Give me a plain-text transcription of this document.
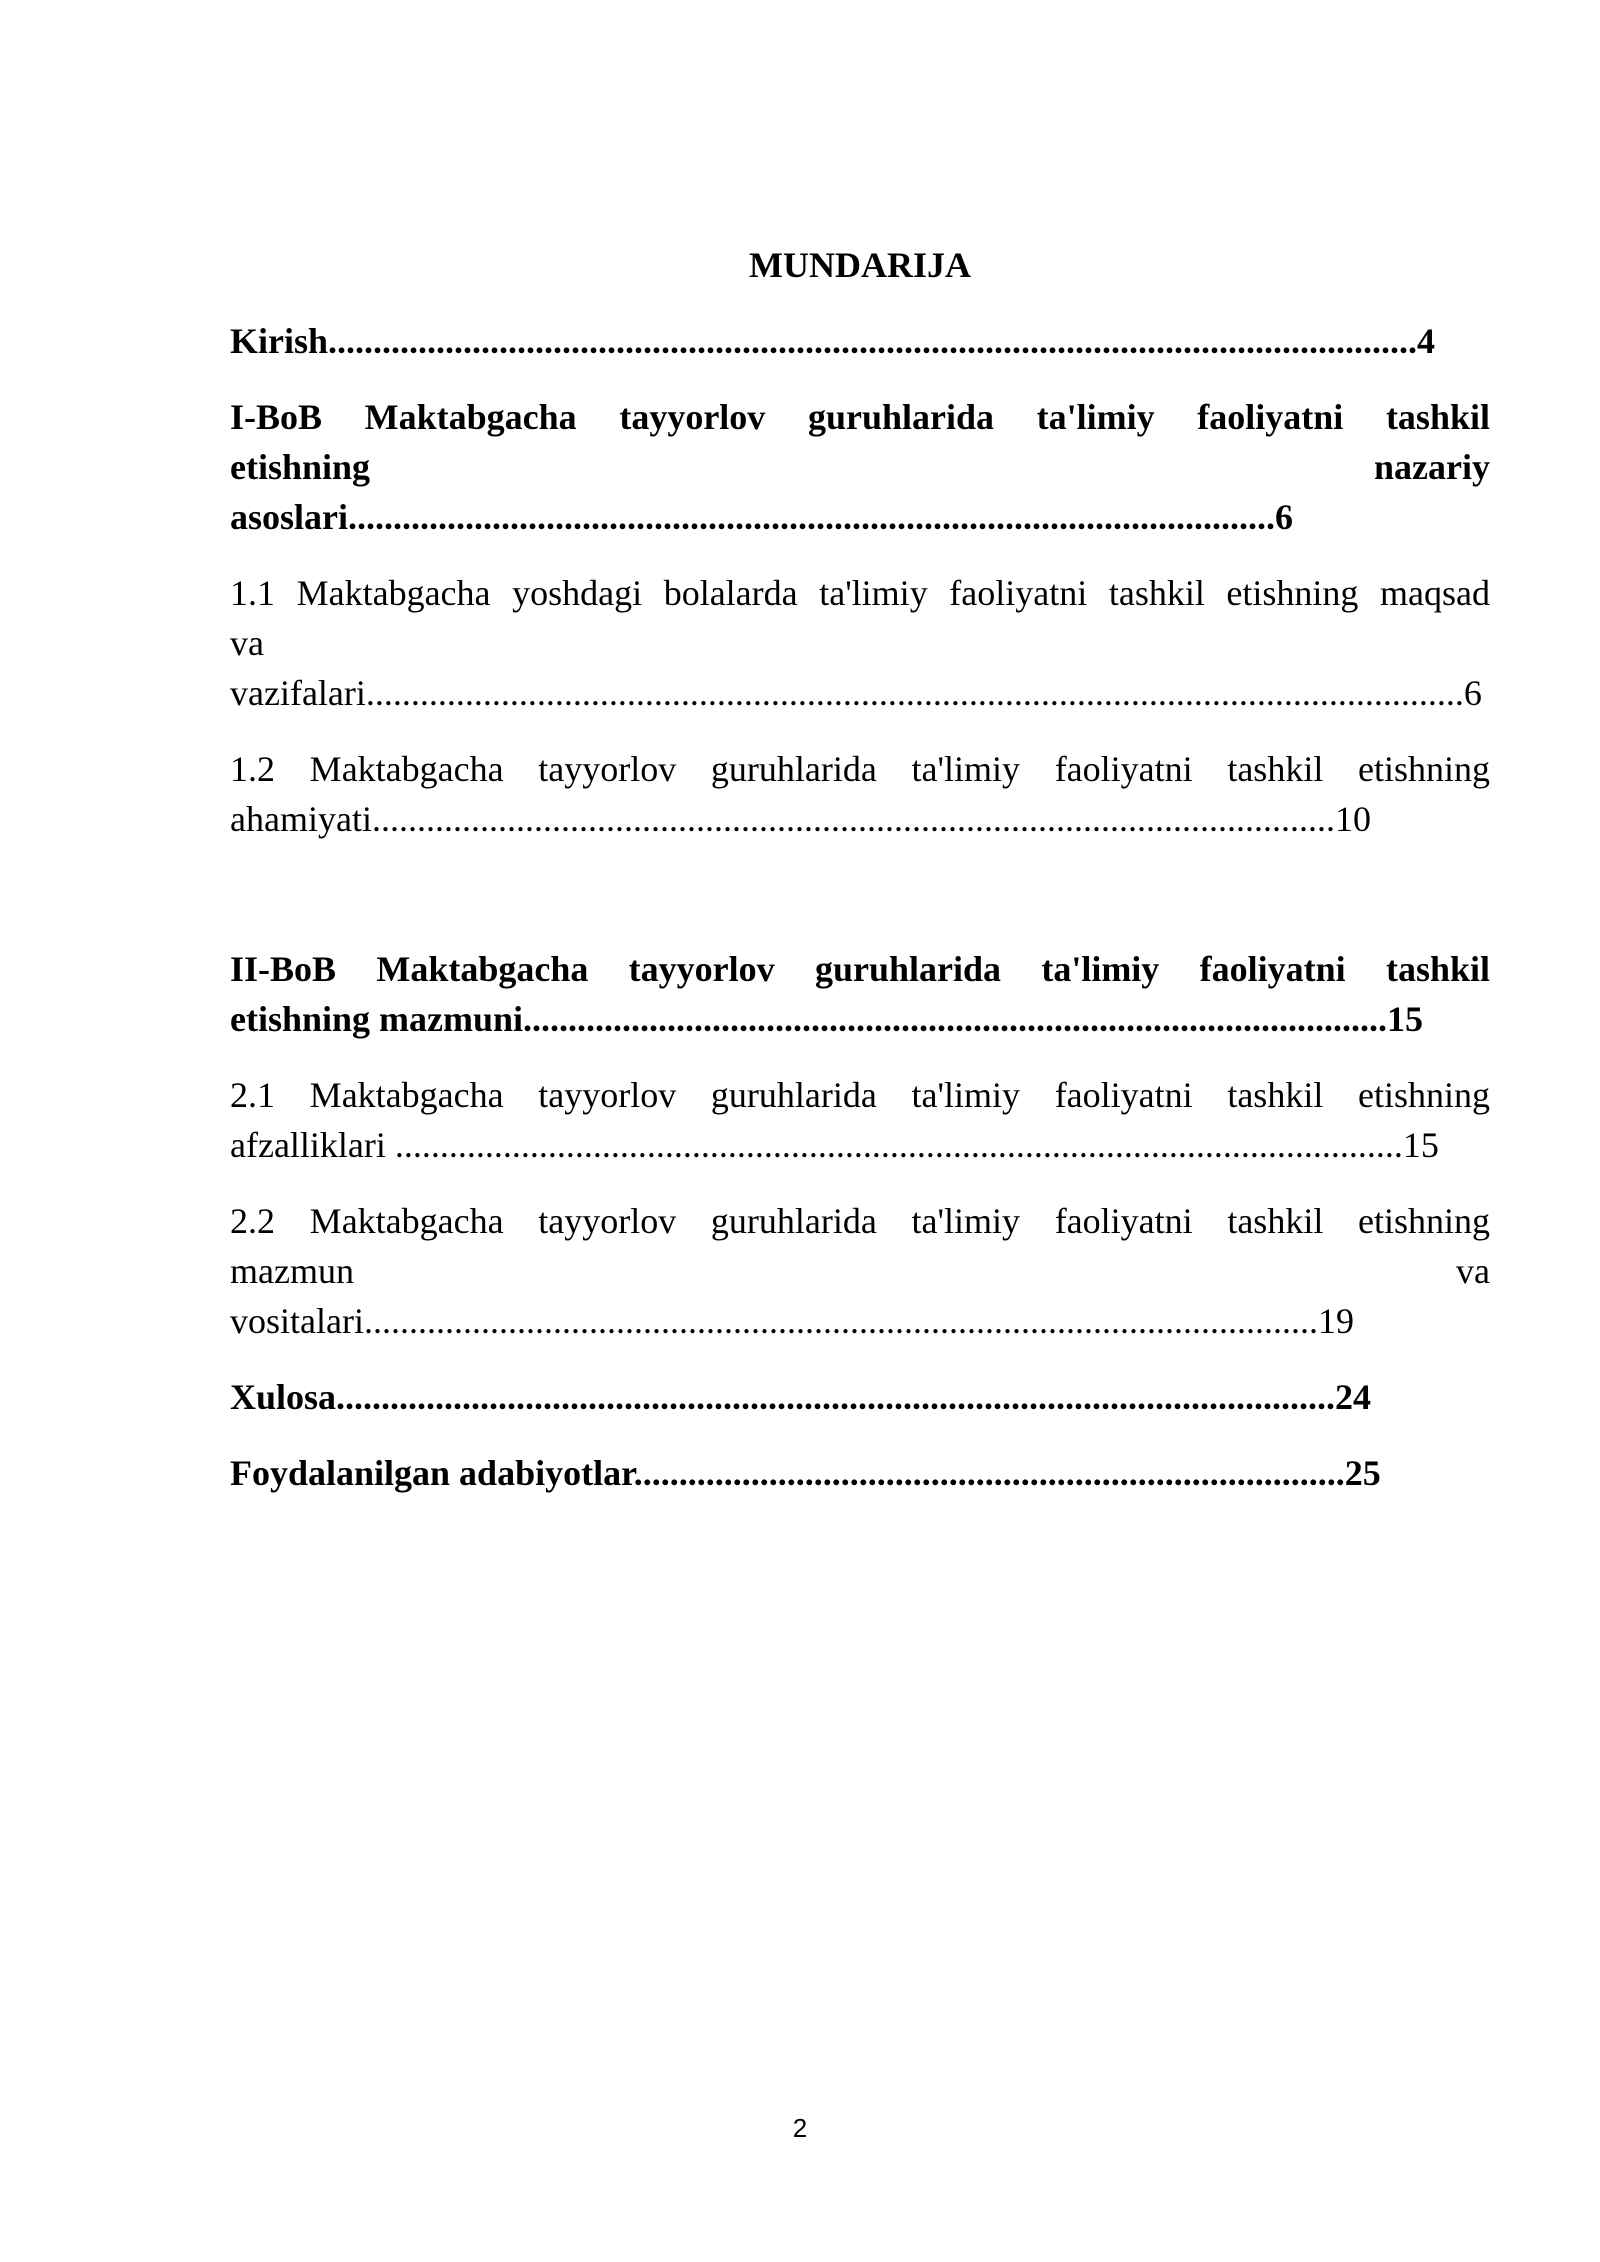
MUNDARIJA

Kirish.........................................................................................................................4

I-BoB Maktabgacha tayyorlov guruhlarida ta'limiy faoliyatni tashkil
etishning nazariy
asoslari.......................................................................................................6

1.1 Maktabgacha yoshdagi bolalarda ta'limiy faoliyatni tashkil etishning maqsad
va
vazifalari..........................................................................................................................6

1.2 Maktabgacha tayyorlov guruhlarida ta'limiy faoliyatni tashkil etishning
ahamiyati...........................................................................................................10

II-BoB Maktabgacha tayyorlov guruhlarida ta'limiy faoliyatni tashkil
etishning mazmuni................................................................................................15

2.1 Maktabgacha tayyorlov guruhlarida ta'limiy faoliyatni tashkil etishning
afzalliklari ................................................................................................................15

2.2 Maktabgacha tayyorlov guruhlarida ta'limiy faoliyatni tashkil etishning
mazmun va
vositalari..........................................................................................................19

Xulosa...............................................................................................................24

Foydalanilgan adabiyotlar...............................................................................25

2
